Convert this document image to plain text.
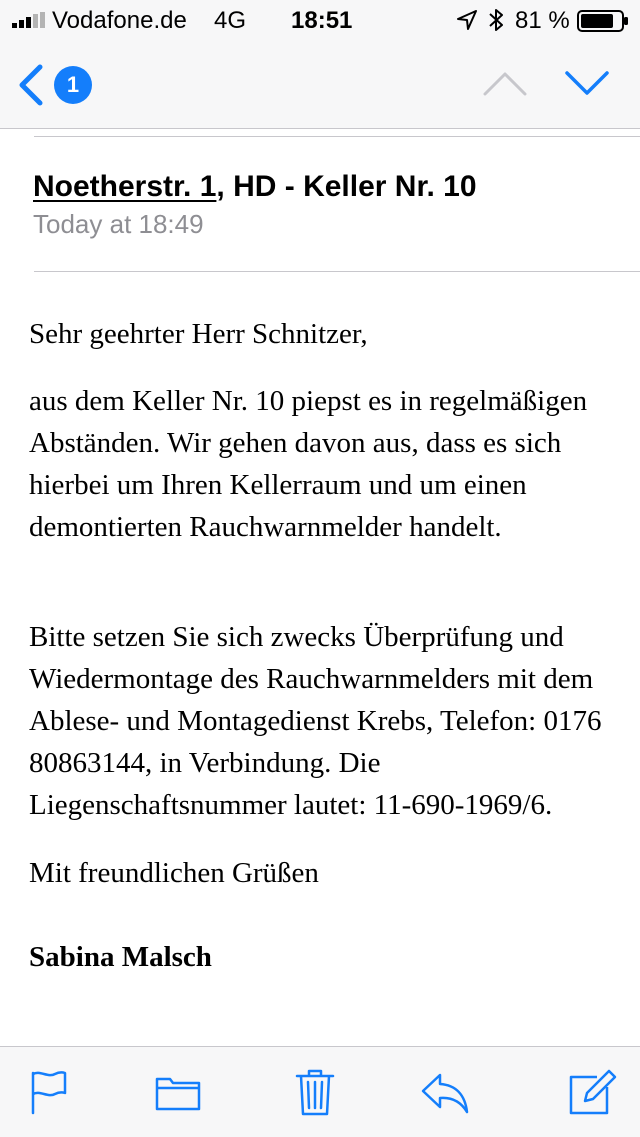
Vodafone.de 4G 18:51	81 %
1
Noetherstr. 1, HD - Keller Nr. 10
Today at 18:49
Sehr geehrter Herr Schnitzer,
aus dem Keller Nr. 10 piepst es in regelmäßigen Abständen. Wir gehen davon aus, dass es sich hierbei um Ihren Kellerraum und um einen demontierten Rauchwarnmelder handelt.
Bitte setzen Sie sich zwecks Überprüfung und Wiedermontage des Rauchwarnmelders mit dem Ablese- und Montagedienst Krebs, Telefon: 0176 80863144, in Verbindung. Die Liegenschaftsnummer lautet: 11-690-1969/6.
Mit freundlichen Grüßen
Sabina Malsch
